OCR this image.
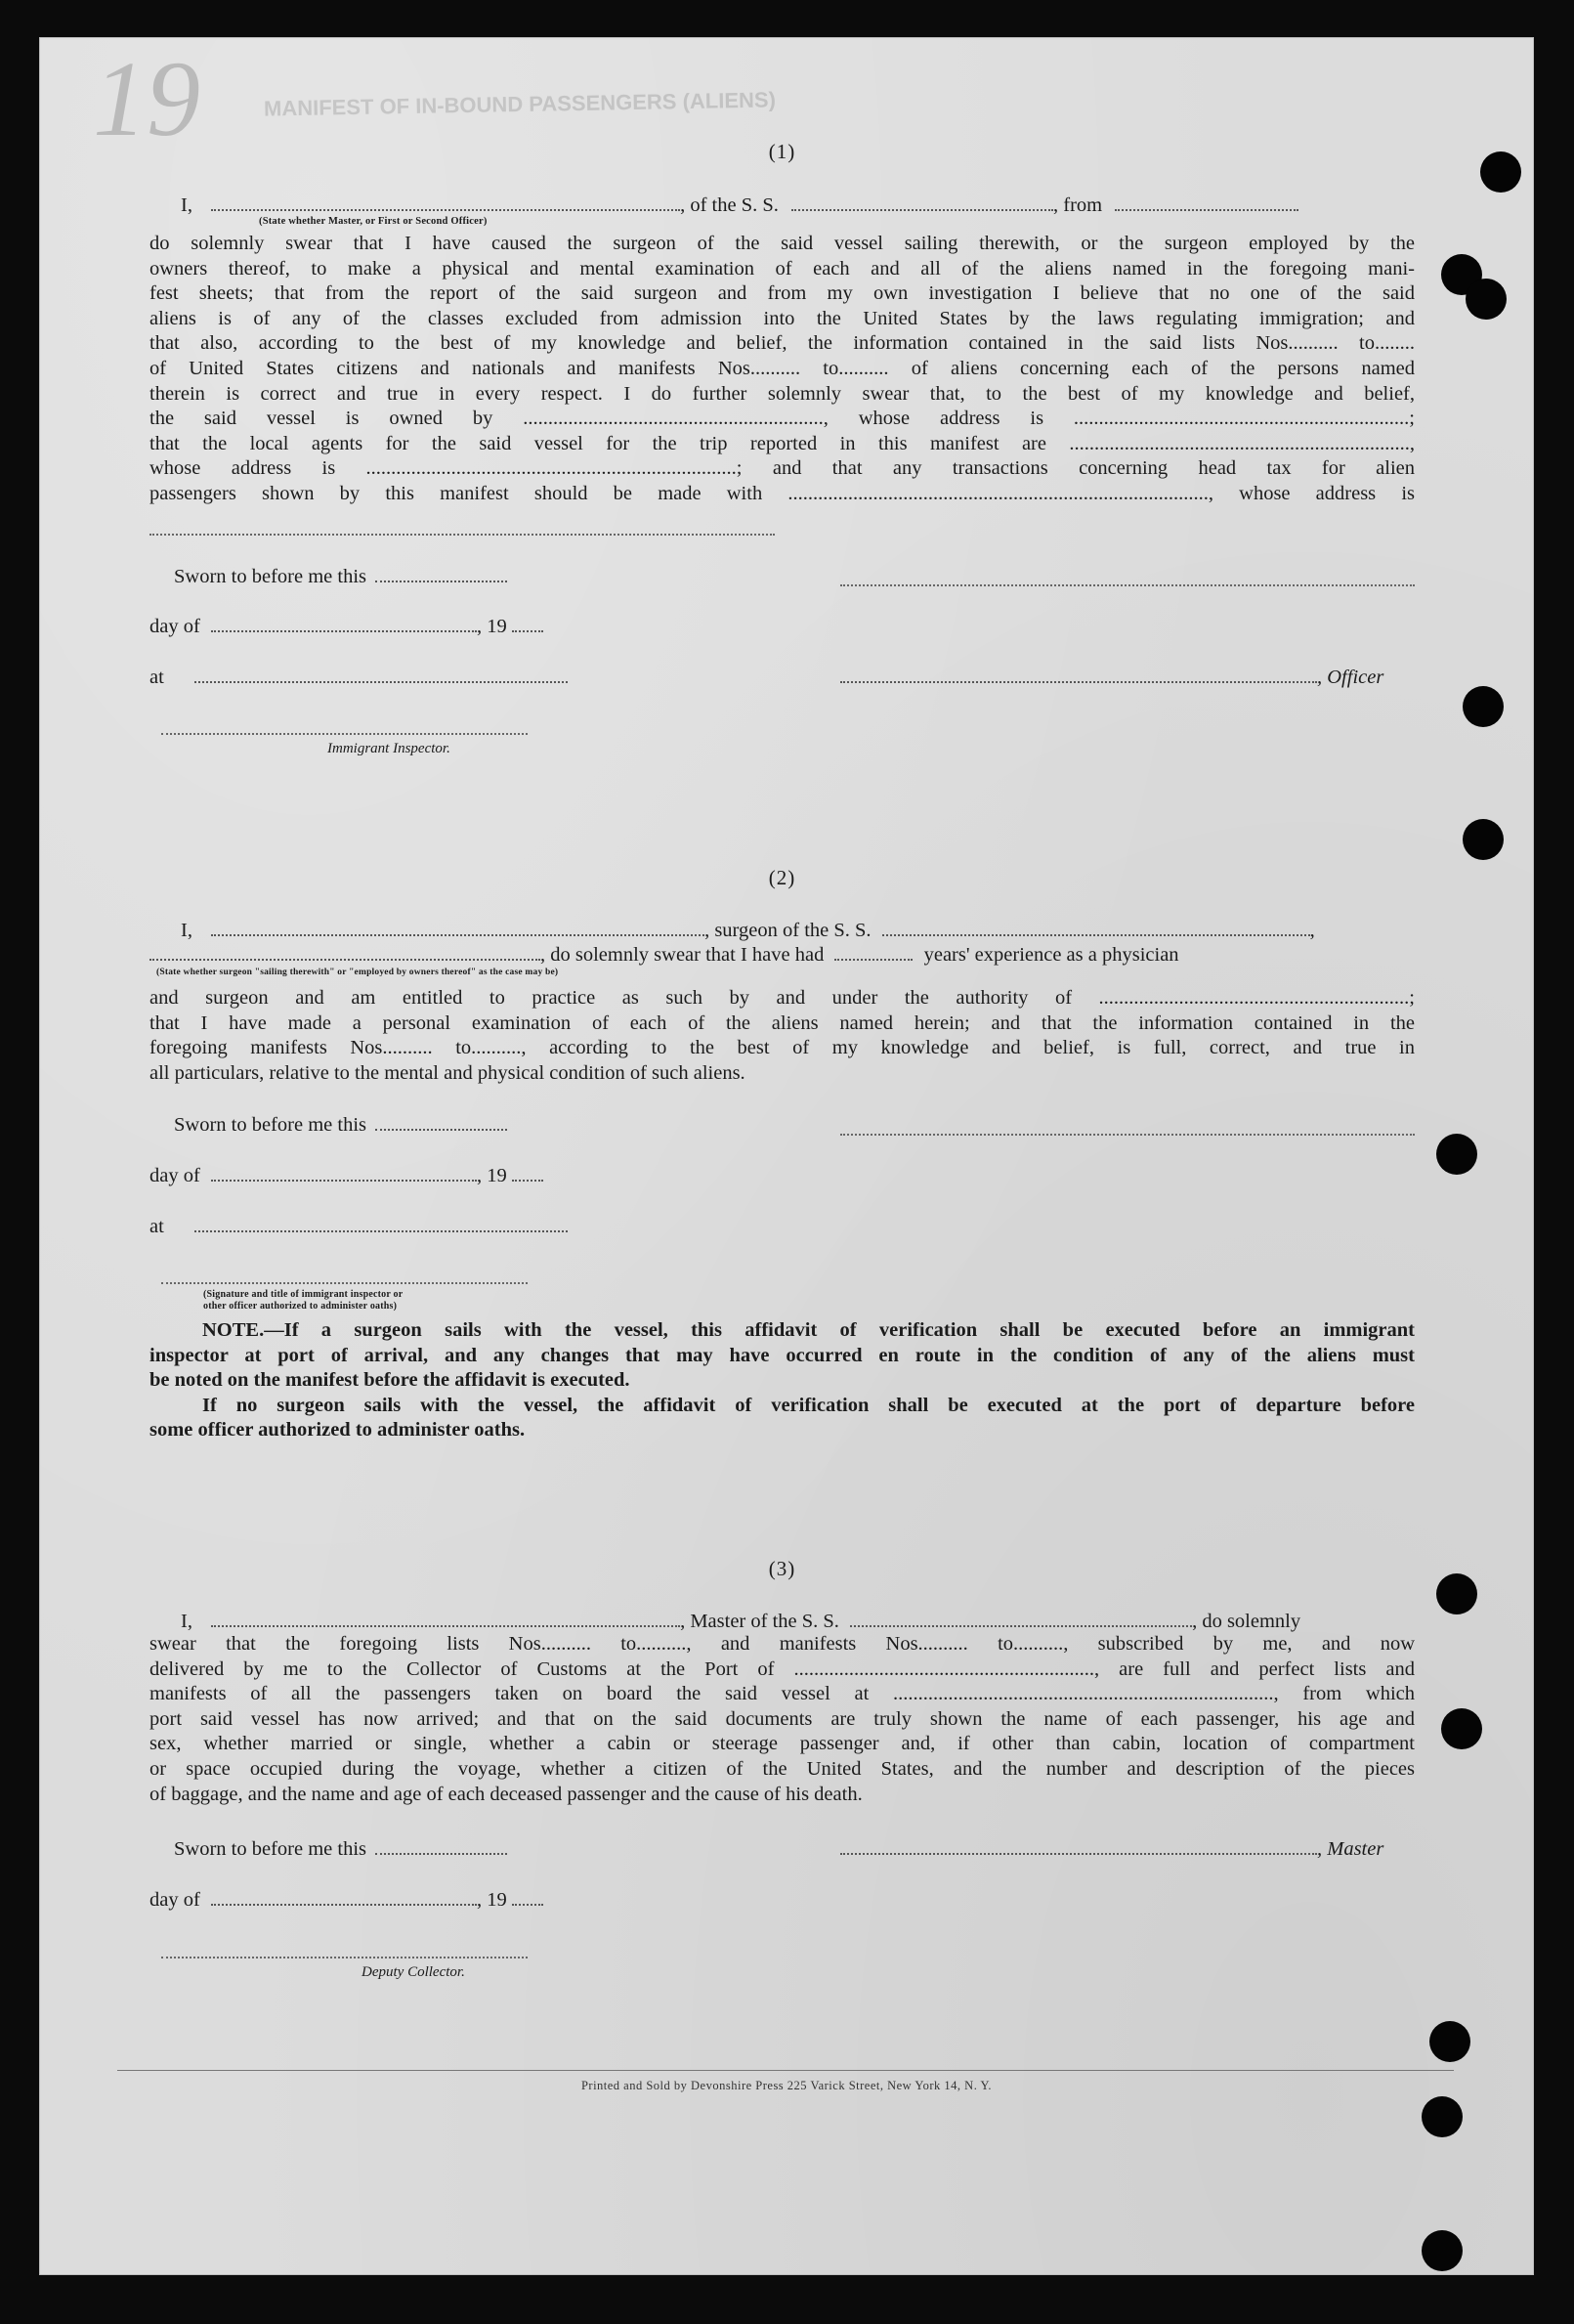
MANIFEST OF IN-BOUND PASSENGERS (ALIENS)
19	(1)
I,	, of the S. S.	, from
(State whether Master, or First or Second Officer)

do solemnly swear that I have caused the surgeon of the said vessel sailing therewith, or the surgeon employed by the

owners thereof, to make a physical and mental examination of each and all of the aliens named in the foregoing mani-

fest sheets; that from the report of the said surgeon and from my own investigation I believe that no one of the said

aliens is of any of the classes excluded from admission into the United States by the laws regulating immigration; and

that also, according to the best of my knowledge and belief, the information contained in the said lists Nos.......... to........

of United States citizens and nationals and manifests Nos.......... to.......... of aliens concerning each of the persons named

therein is correct and true in every respect. I do further solemnly swear that, to the best of my knowledge and belief,

the said vessel is owned by ............................................................, whose address is ...................................................................;

that the local agents for the said vessel for the trip reported in this manifest are ....................................................................,

whose address is ..........................................................................; and that any transactions concerning head tax for alien

passengers shown by this manifest should be made with ...................................................................................., whose address is

Sworn to before me this
day of	, 19
at	, Officer
Immigrant Inspector.
(2)
I,	, surgeon of the S. S.	,
, do solemnly swear that I have had	years' experience as a physician
(State whether surgeon "sailing therewith" or "employed by owners thereof" as the case may be)

and surgeon and am entitled to practice as such by and under the authority of ..............................................................;

that I have made a personal examination of each of the aliens named herein; and that the information contained in the

foregoing manifests Nos.......... to.........., according to the best of my knowledge and belief, is full, correct, and true in

all particulars, relative to the mental and physical condition of such aliens.

Sworn to before me this
day of	, 19
at
(Signature and title of immigrant inspector or
other officer authorized to administer oaths)

NOTE.—If a surgeon sails with the vessel, this affidavit of verification shall be executed before an immigrant

inspector at port of arrival, and any changes that may have occurred en route in the condition of any of the aliens must

be noted on the manifest before the affidavit is executed.

If no surgeon sails with the vessel, the affidavit of verification shall be executed at the port of departure before

some officer authorized to administer oaths.

(3)
I,	, Master of the S. S.	, do solemnly

swear that the foregoing lists Nos.......... to.........., and manifests Nos.......... to.........., subscribed by me, and now

delivered by me to the Collector of Customs at the Port of ............................................................, are full and perfect lists and

manifests of all the passengers taken on board the said vessel at ............................................................................, from which

port said vessel has now arrived; and that on the said documents are truly shown the name of each passenger, his age and

sex, whether married or single, whether a cabin or steerage passenger and, if other than cabin, location of compartment

or space occupied during the voyage, whether a citizen of the United States, and the number and description of the pieces

of baggage, and the name and age of each deceased passenger and the cause of his death.

Sworn to before me this	, Master
day of	, 19
Deputy Collector.
Printed and Sold by Devonshire Press 225 Varick Street, New York 14, N. Y.
